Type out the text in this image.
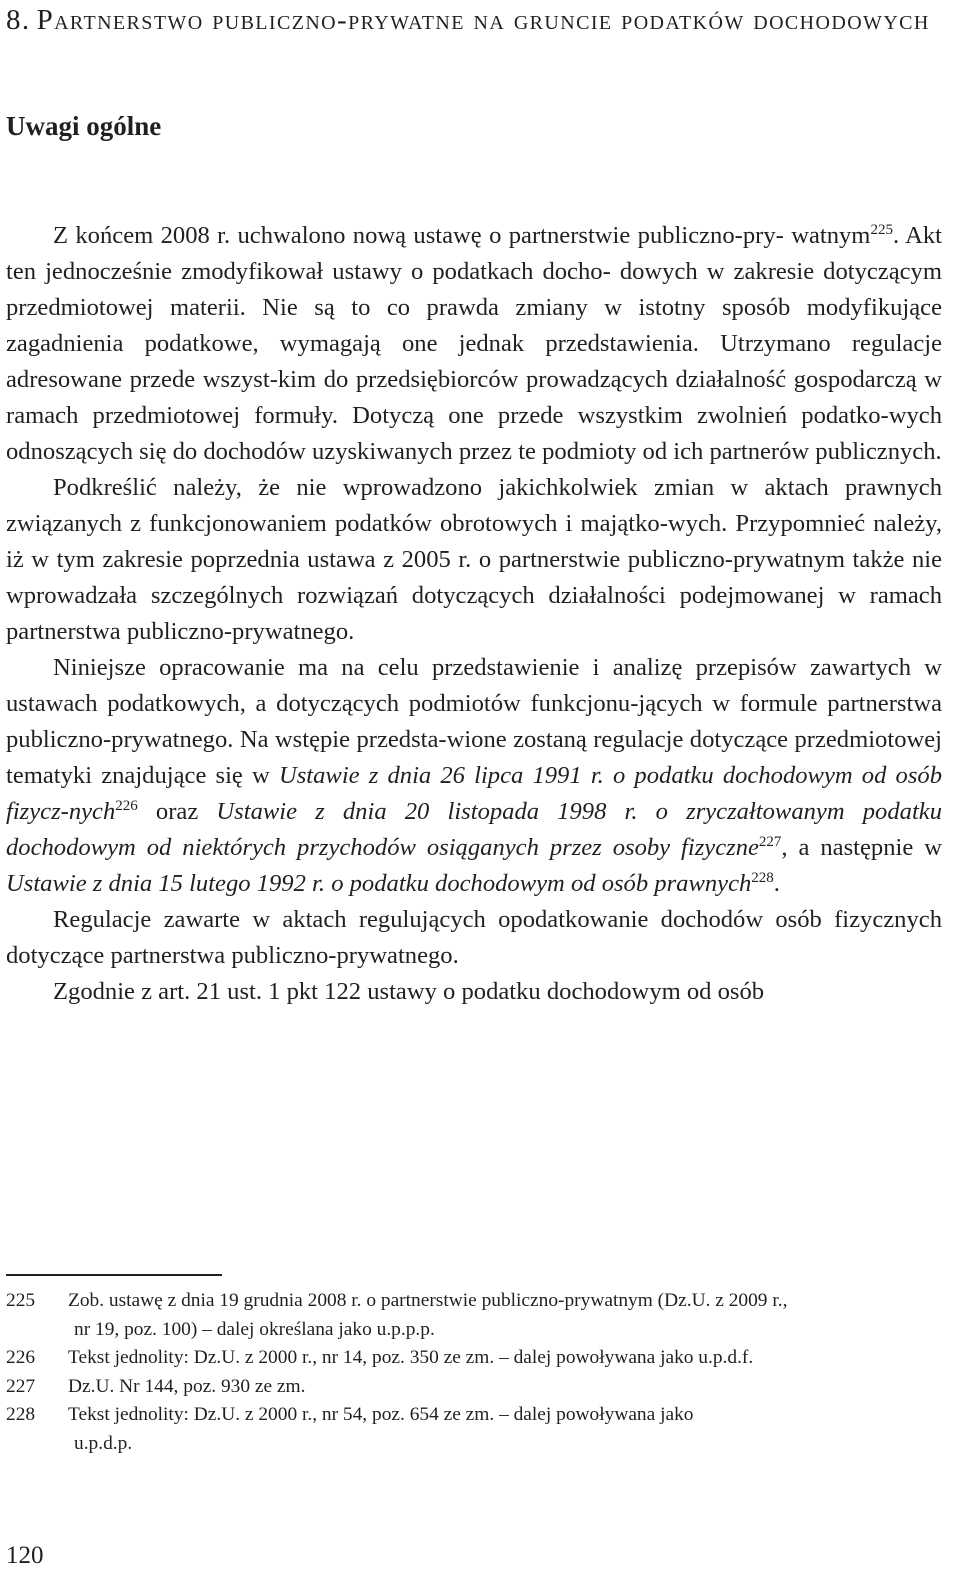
8. Partnerstwo publiczno-prywatne na gruncie podatków dochodowych
Uwagi ogólne

Z końcem 2008 r. uchwalono nową ustawę o partnerstwie publiczno-pry- watnym$^{225}$. Akt ten jednocześnie zmodyfikował ustawy o podatkach docho- dowych w zakresie dotyczącym przedmiotowej materii. Nie są to co prawda zmiany w istotny sposób modyfikujące zagadnienia podatkowe, wymagają one jednak przedstawienia. Utrzymano regulacje adresowane przede wszyst-kim do przedsiębiorców prowadzących działalność gospodarczą w ramach przedmiotowej formuły. Dotyczą one przede wszystkim zwolnień podatko-wych odnoszących się do dochodów uzyskiwanych przez te podmioty od ich partnerów publicznych.

Podkreślić należy, że nie wprowadzono jakichkolwiek zmian w aktach prawnych związanych z funkcjonowaniem podatków obrotowych i majątko-wych. Przypomnieć należy, iż w tym zakresie poprzednia ustawa z 2005 r. o partnerstwie publiczno-prywatnym także nie wprowadzała szczególnych rozwiązań dotyczących działalności podejmowanej w ramach partnerstwa publiczno-prywatnego.

Niniejsze opracowanie ma na celu przedstawienie i analizę przepisów zawartych w ustawach podatkowych, a dotyczących podmiotów funkcjonu-jących w formule partnerstwa publiczno-prywatnego. Na wstępie przedsta-wione zostaną regulacje dotyczące przedmiotowej tematyki znajdujące się w Ustawie z dnia 26 lipca 1991 r. o podatku dochodowym od osób fizycz-nych$^{226}$ oraz Ustawie z dnia 20 listopada 1998 r. o zryczałtowanym podatku dochodowym od niektórych przychodów osiąganych przez osoby fizyczne$^{227}$, a następnie w Ustawie z dnia 15 lutego 1992 r. o podatku dochodowym od osób prawnych$^{228}$.

Regulacje zawarte w aktach regulujących opodatkowanie dochodów osób fizycznych dotyczące partnerstwa publiczno-prywatnego.

Zgodnie z art. 21 ust. 1 pkt 122 ustawy o podatku dochodowym od osób

225	Zob. ustawę z dnia 19 grudnia 2008 r. o partnerstwie publiczno-prywatnym (Dz.U. z 2009 r.,
nr 19, poz. 100) – dalej określana jako u.p.p.p.
226	Tekst jednolity: Dz.U. z 2000 r., nr 14, poz. 350 ze zm. – dalej powoływana jako u.p.d.f.
227	Dz.U. Nr 144, poz. 930 ze zm.
228	Tekst jednolity: Dz.U. z 2000 r., nr 54, poz. 654 ze zm. – dalej powoływana jako
u.p.d.p.
120
